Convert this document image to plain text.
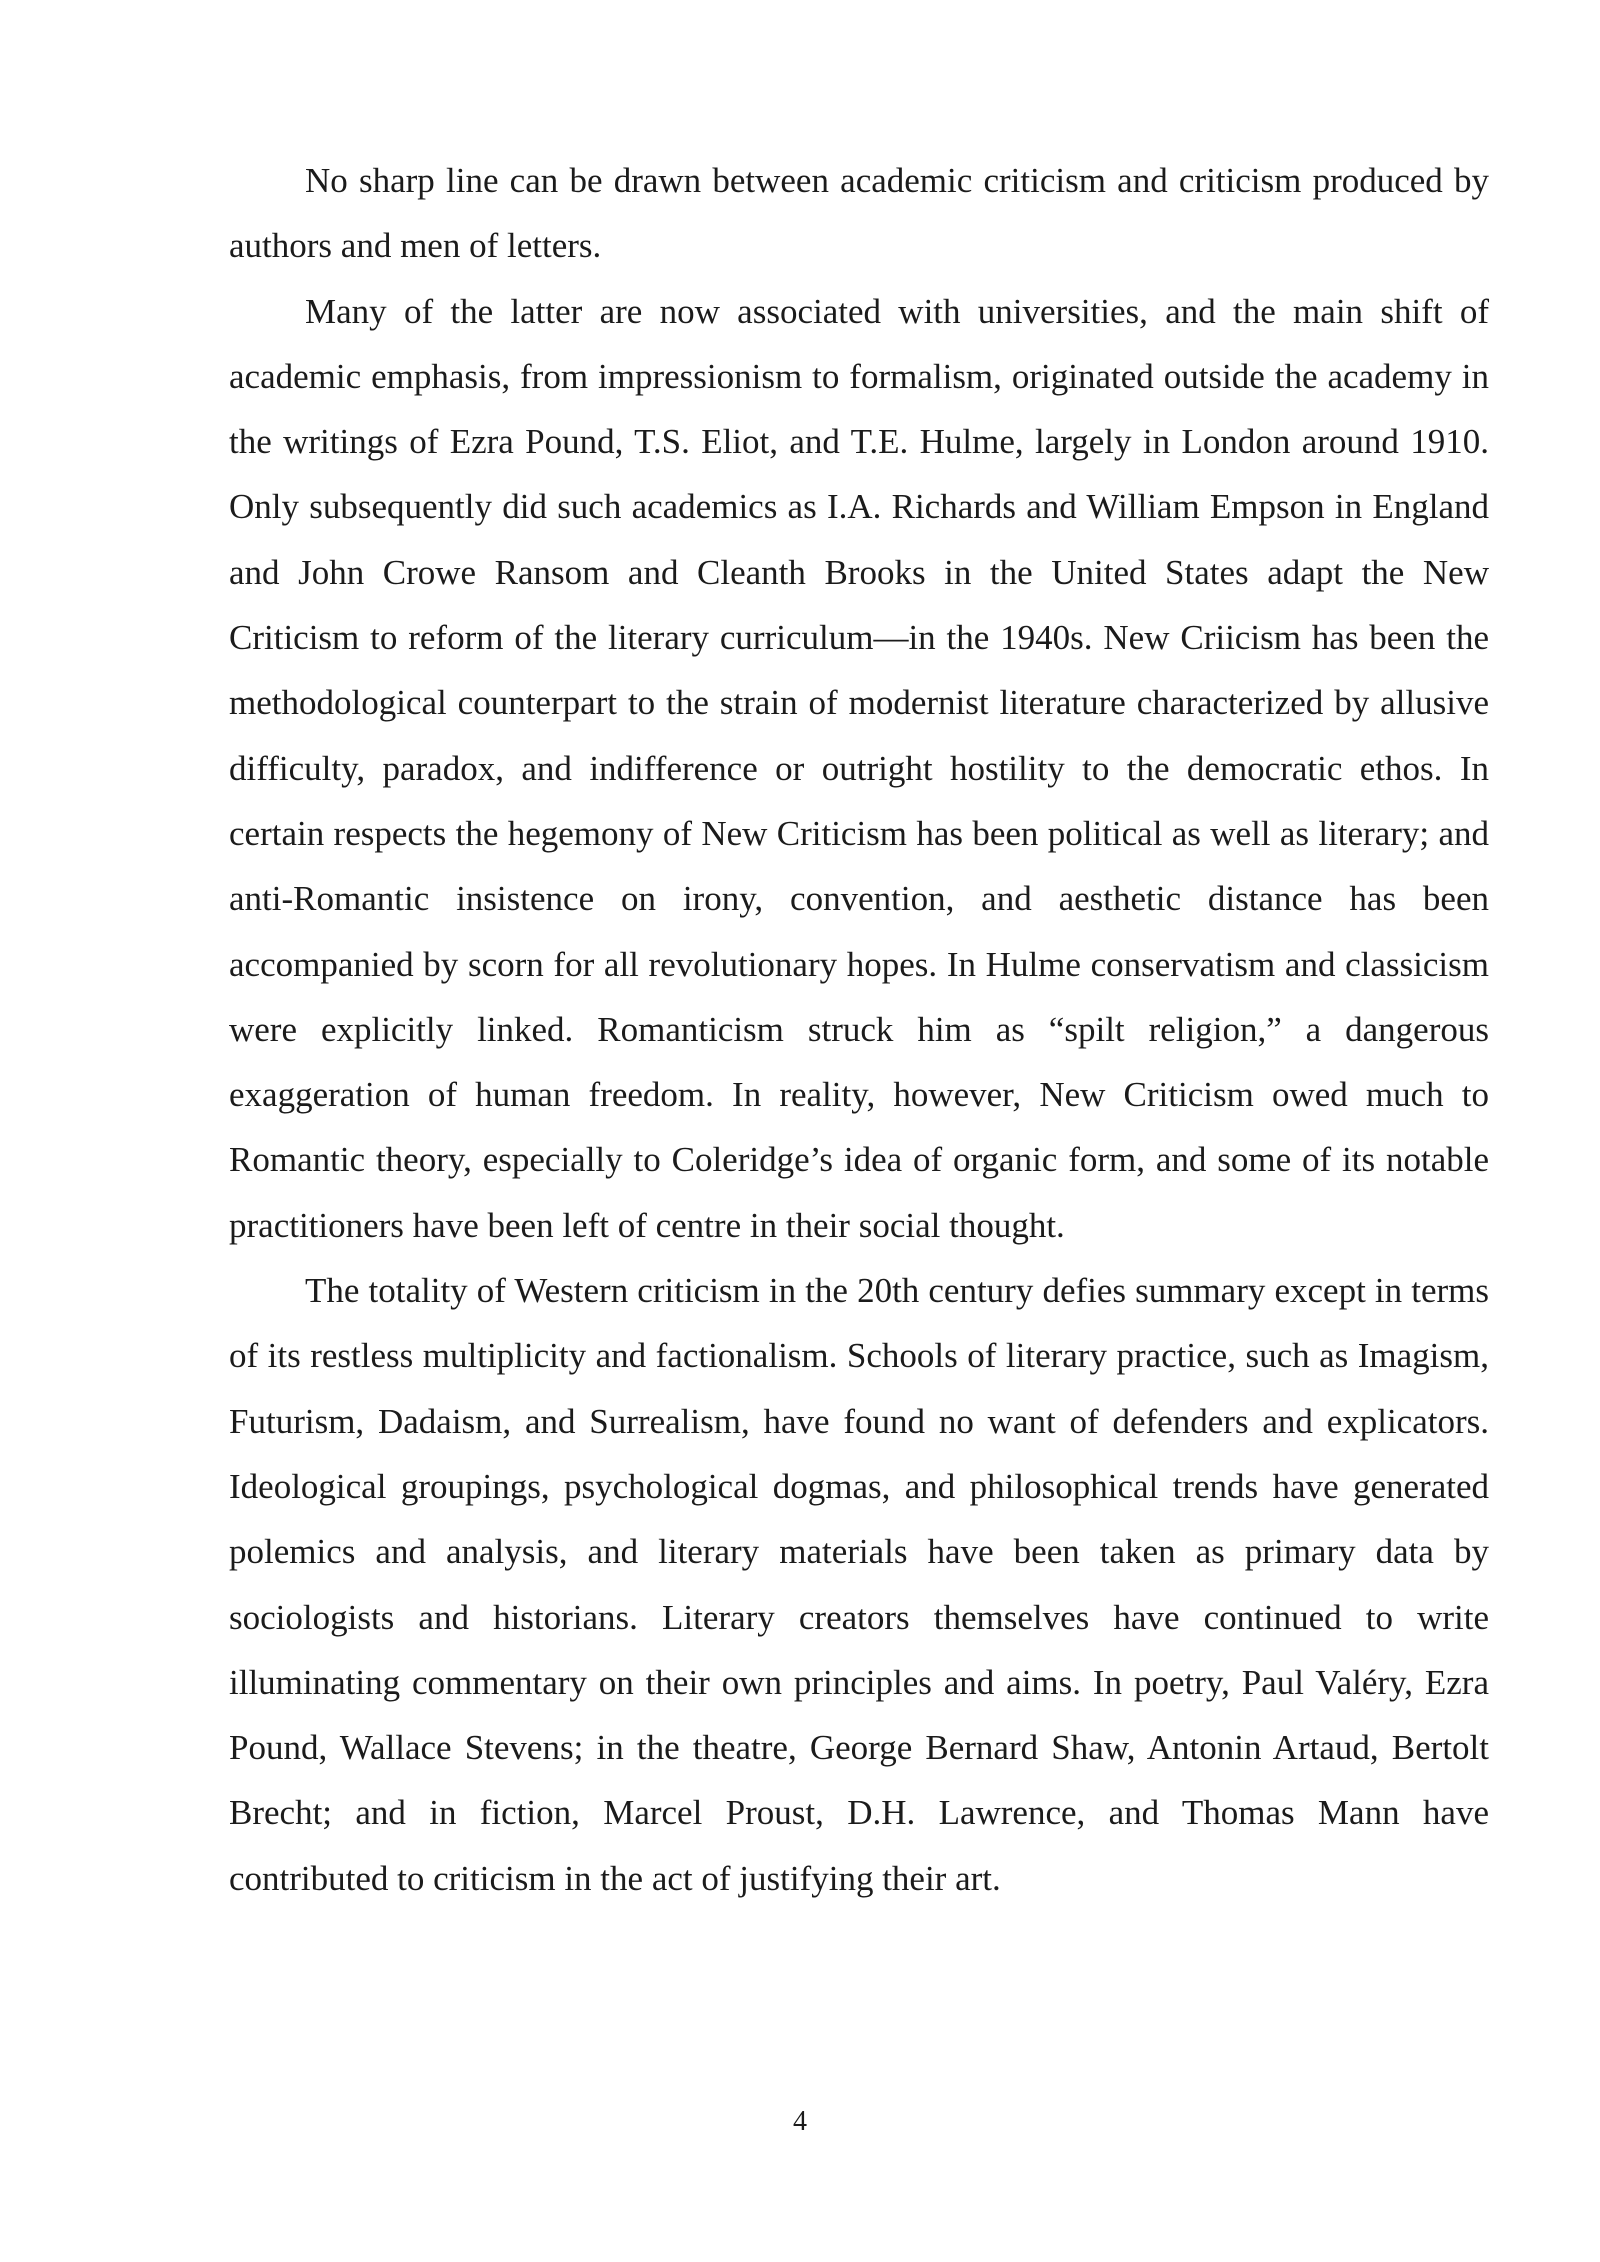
No sharp line can be drawn between academic criticism and criticism produced by authors and men of letters.

Many of the latter are now associated with universities, and the main shift of academic emphasis, from impressionism to formalism, originated outside the academy in the writings of Ezra Pound, T.S. Eliot, and T.E. Hulme, largely in London around 1910. Only subsequently did such academics as I.A. Richards and William Empson in England and John Crowe Ransom and Cleanth Brooks in the United States adapt the New Criticism to reform of the literary curriculum—in the 1940s. New Criicism has been the methodological counterpart to the strain of modernist literature characterized by allusive difficulty, paradox, and indifference or outright hostility to the democratic ethos. In certain respects the hegemony of New Criticism has been political as well as literary; and anti-Romantic insistence on irony, convention, and aesthetic distance has been accompanied by scorn for all revolutionary hopes. In Hulme conservatism and classicism were explicitly linked. Romanticism struck him as “spilt religion,” a dangerous exaggeration of human freedom. In reality, however, New Criticism owed much to Romantic theory, especially to Coleridge’s idea of organic form, and some of its notable practitioners have been left of centre in their social thought.

The totality of Western criticism in the 20th century defies summary except in terms of its restless multiplicity and factionalism. Schools of literary practice, such as Imagism, Futurism, Dadaism, and Surrealism, have found no want of defenders and explicators. Ideological groupings, psychological dogmas, and philosophical trends have generated polemics and analysis, and literary materials have been taken as primary data by sociologists and historians. Literary creators themselves have continued to write illuminating commentary on their own principles and aims. In poetry, Paul Valéry, Ezra Pound, Wallace Stevens; in the theatre, George Bernard Shaw, Antonin Artaud, Bertolt Brecht; and in fiction, Marcel Proust, D.H. Lawrence, and Thomas Mann have contributed to criticism in the act of justifying their art.

4
